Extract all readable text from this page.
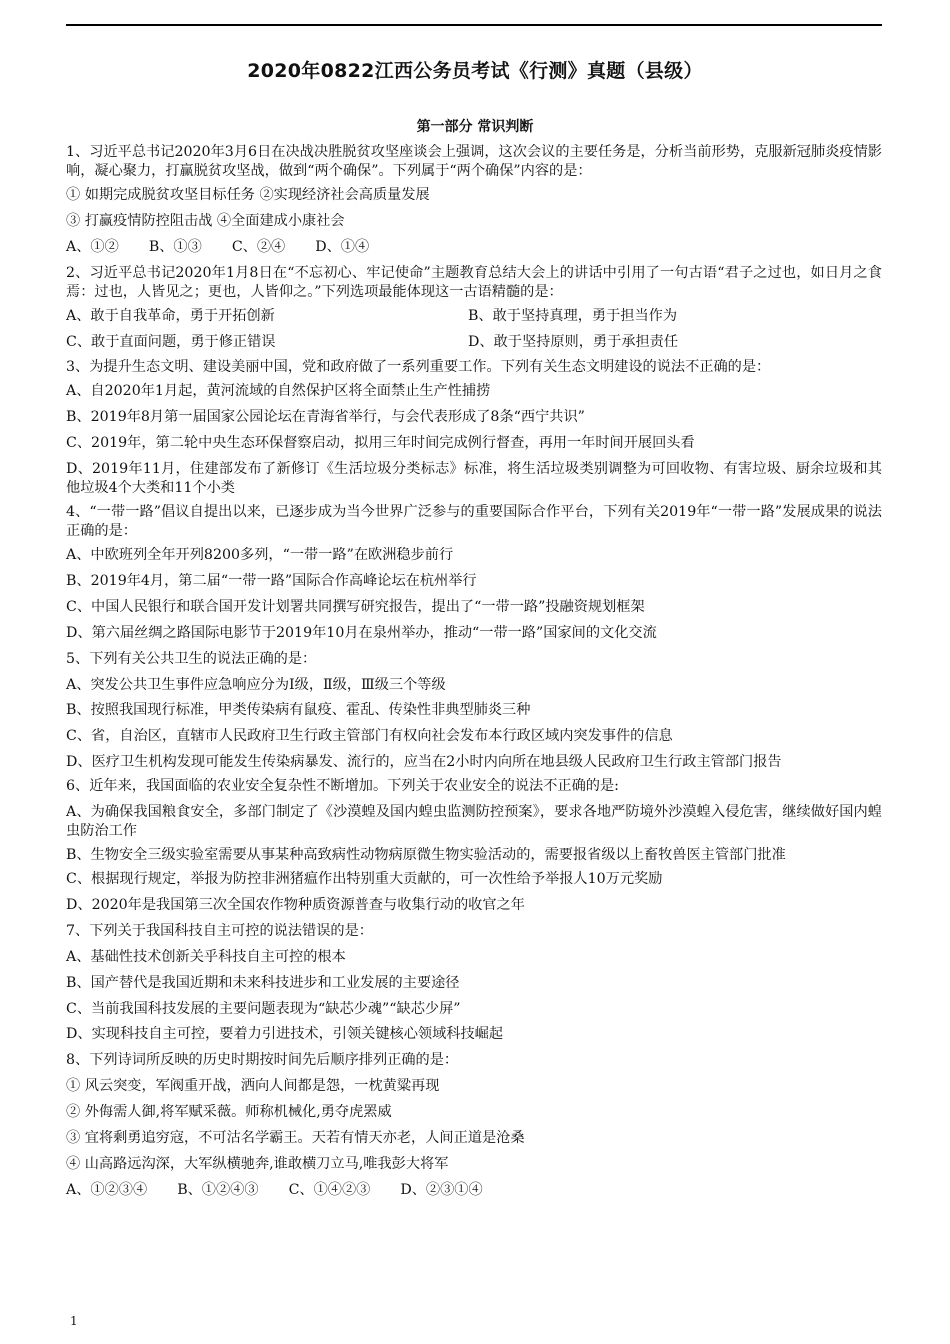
2020年0822江西公务员考试《行测》真题（县级）
第一部分 常识判断
1、习近平总书记2020年3月6日在决战决胜脱贫攻坚座谈会上强调，这次会议的主要任务是，分析当前形势，克服新冠肺炎疫情影响，凝心聚力，打赢脱贫攻坚战，做到“两个确保”。下列属于“两个确保”内容的是：
① 如期完成脱贫攻坚目标任务 ②实现经济社会高质量发展
③ 打赢疫情防控阻击战 ④全面建成小康社会
A、①② B、①③ C、②④ D、①④
2、习近平总书记2020年1月8日在“不忘初心、牢记使命”主题教育总结大会上的讲话中引用了一句古语“君子之过也，如日月之食焉：过也，人皆见之；更也，人皆仰之。”下列选项最能体现这一古语精髓的是：
A、敢于自我革命，勇于开拓创新	B、敢于坚持真理，勇于担当作为
C、敢于直面问题，勇于修正错误	D、敢于坚持原则，勇于承担责任
3、为提升生态文明、建设美丽中国，党和政府做了一系列重要工作。下列有关生态文明建设的说法不正确的是：
A、自2020年1月起，黄河流域的自然保护区将全面禁止生产性捕捞
B、2019年8月第一届国家公园论坛在青海省举行，与会代表形成了8条“西宁共识”
C、2019年，第二轮中央生态环保督察启动，拟用三年时间完成例行督查，再用一年时间开展回头看
D、2019年11月，住建部发布了新修订《生活垃圾分类标志》标准，将生活垃圾类别调整为可回收物、有害垃圾、厨余垃圾和其他垃圾4个大类和11个小类
4、“一带一路”倡议自提出以来，已逐步成为当今世界广泛参与的重要国际合作平台，下列有关2019年“一带一路”发展成果的说法正确的是：
A、中欧班列全年开列8200多列，“一带一路”在欧洲稳步前行
B、2019年4月，第二届“一带一路”国际合作高峰论坛在杭州举行
C、中国人民银行和联合国开发计划署共同撰写研究报告，提出了“一带一路”投融资规划框架
D、第六届丝绸之路国际电影节于2019年10月在泉州举办，推动“一带一路”国家间的文化交流
5、下列有关公共卫生的说法正确的是：
A、突发公共卫生事件应急响应分为Ⅰ级，Ⅱ级，Ⅲ级三个等级
B、按照我国现行标准，甲类传染病有鼠疫、霍乱、传染性非典型肺炎三种
C、省，自治区，直辖市人民政府卫生行政主管部门有权向社会发布本行政区域内突发事件的信息
D、医疗卫生机构发现可能发生传染病暴发、流行的，应当在2小时内向所在地县级人民政府卫生行政主管部门报告
6、近年来，我国面临的农业安全复杂性不断增加。下列关于农业安全的说法不正确的是:
A、为确保我国粮食安全，多部门制定了《沙漠蝗及国内蝗虫监测防控预案》，要求各地严防境外沙漠蝗入侵危害，继续做好国内蝗虫防治工作
B、生物安全三级实验室需要从事某种高致病性动物病原微生物实验活动的，需要报省级以上畜牧兽医主管部门批准
C、根据现行规定，举报为防控非洲猪瘟作出特别重大贡献的，可一次性给予举报人10万元奖励
D、2020年是我国第三次全国农作物种质资源普查与收集行动的收官之年
7、下列关于我国科技自主可控的说法错误的是：
A、基础性技术创新关乎科技自主可控的根本
B、国产替代是我国近期和未来科技进步和工业发展的主要途径
C、当前我国科技发展的主要问题表现为“缺芯少魂”“缺芯少屏”
D、实现科技自主可控，要着力引进技术，引领关键核心领域科技崛起
8、下列诗词所反映的历史时期按时间先后顺序排列正确的是：
① 风云突变，军阀重开战，洒向人间都是怨，一枕黄粱再现
② 外侮需人御,将军赋采薇。师称机械化,勇夺虎罴威
③ 宜将剩勇追穷寇，不可沽名学霸王。天若有情天亦老，人间正道是沧桑
④ 山高路远沟深，大军纵横驰奔,谁敢横刀立马,唯我彭大将军
A、①②③④ B、①②④③ C、①④②③ D、②③①④
1
